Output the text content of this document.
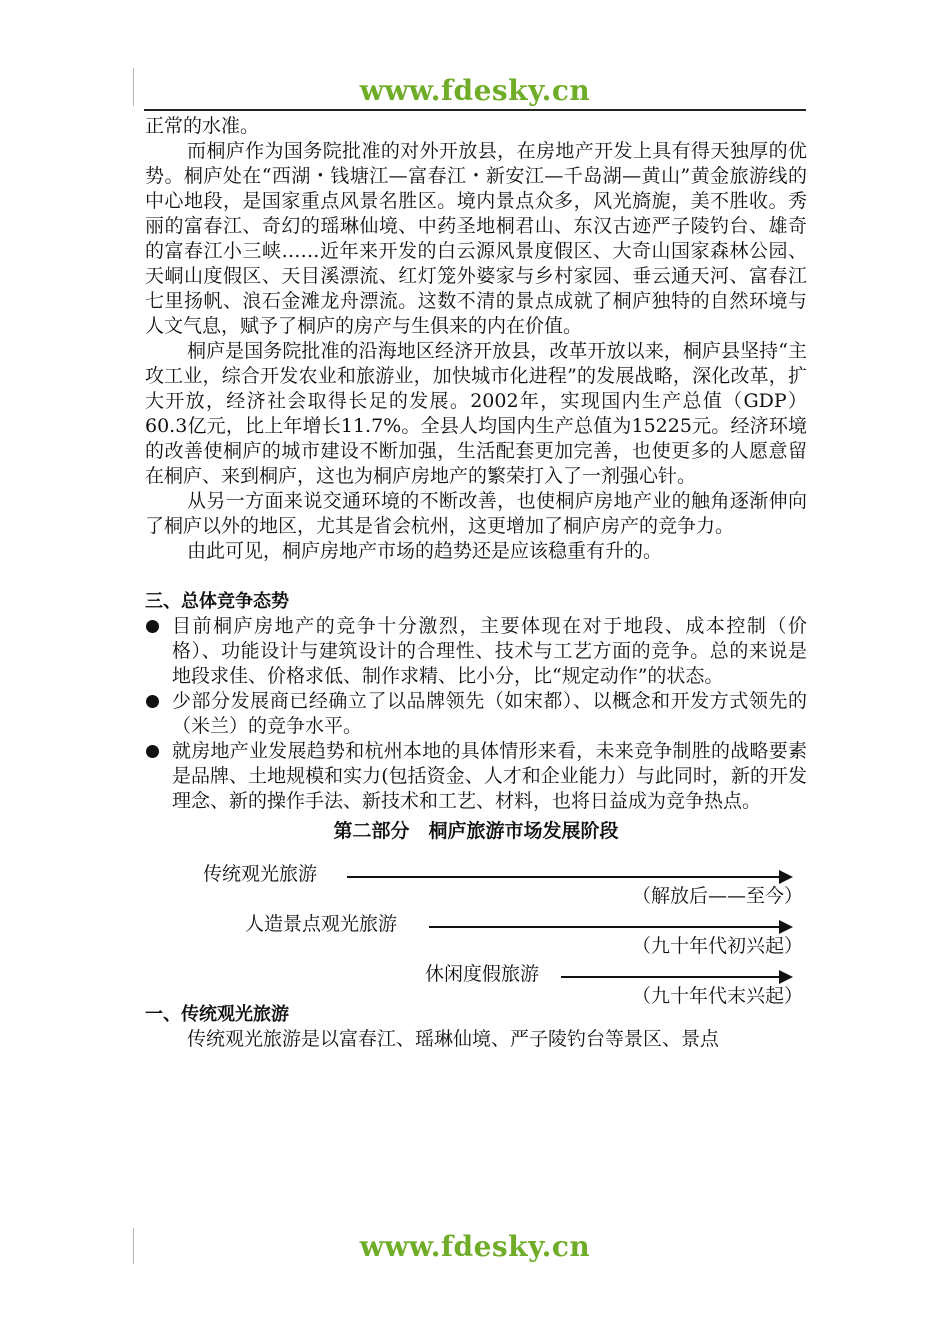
www.fdesky.cn

正常的水准。

而桐庐作为国务院批准的对外开放县，在房地产开发上具有得天独厚的优势。桐庐处在“西湖・钱塘江—富春江・新安江—千岛湖—黄山”黄金旅游线的中心地段，是国家重点风景名胜区。境内景点众多，风光旖旎，美不胜收。秀丽的富春江、奇幻的瑶琳仙境、中药圣地桐君山、东汉古迹严子陵钓台、雄奇的富春江小三峡……近年来开发的白云源风景度假区、大奇山国家森林公园、天峒山度假区、天目溪漂流、红灯笼外婆家与乡村家园、垂云通天河、富春江七里扬帆、浪石金滩龙舟漂流。这数不清的景点成就了桐庐独特的自然环境与人文气息，赋予了桐庐的房产与生俱来的内在价值。

桐庐是国务院批准的沿海地区经济开放县，改革开放以来，桐庐县坚持“主攻工业，综合开发农业和旅游业，加快城市化进程”的发展战略，深化改革，扩大开放，经济社会取得长足的发展。2002年，实现国内生产总值（GDP）60.3亿元，比上年增长11.7%。全县人均国内生产总值为15225元。经济环境的改善使桐庐的城市建设不断加强，生活配套更加完善，也使更多的人愿意留在桐庐、来到桐庐，这也为桐庐房地产的繁荣打入了一剂强心针。

从另一方面来说交通环境的不断改善，也使桐庐房地产业的触角逐渐伸向了桐庐以外的地区，尤其是省会杭州，这更增加了桐庐房产的竞争力。

由此可见，桐庐房地产市场的趋势还是应该稳重有升的。

三、总体竞争态势

目前桐庐房地产的竞争十分激烈，主要体现在对于地段、成本控制（价格）、功能设计与建筑设计的合理性、技术与工艺方面的竞争。总的来说是地段求佳、价格求低、制作求精、比小分，比“规定动作”的状态。
少部分发展商已经确立了以品牌领先（如宋都）、以概念和开发方式领先的（米兰）的竞争水平。
就房地产业发展趋势和杭州本地的具体情形来看，未来竞争制胜的战略要素是品牌、土地规模和实力(包括资金、人才和企业能力）与此同时，新的开发理念、新的操作手法、新技术和工艺、材料，也将日益成为竞争热点。

第二部分　桐庐旅游市场发展阶段

传统观光旅游
（解放后——至今）
人造景点观光旅游
（九十年代初兴起）
休闲度假旅游
（九十年代末兴起）

一、传统观光旅游

传统观光旅游是以富春江、瑶琳仙境、严子陵钓台等景区、景点

www.fdesky.cn
